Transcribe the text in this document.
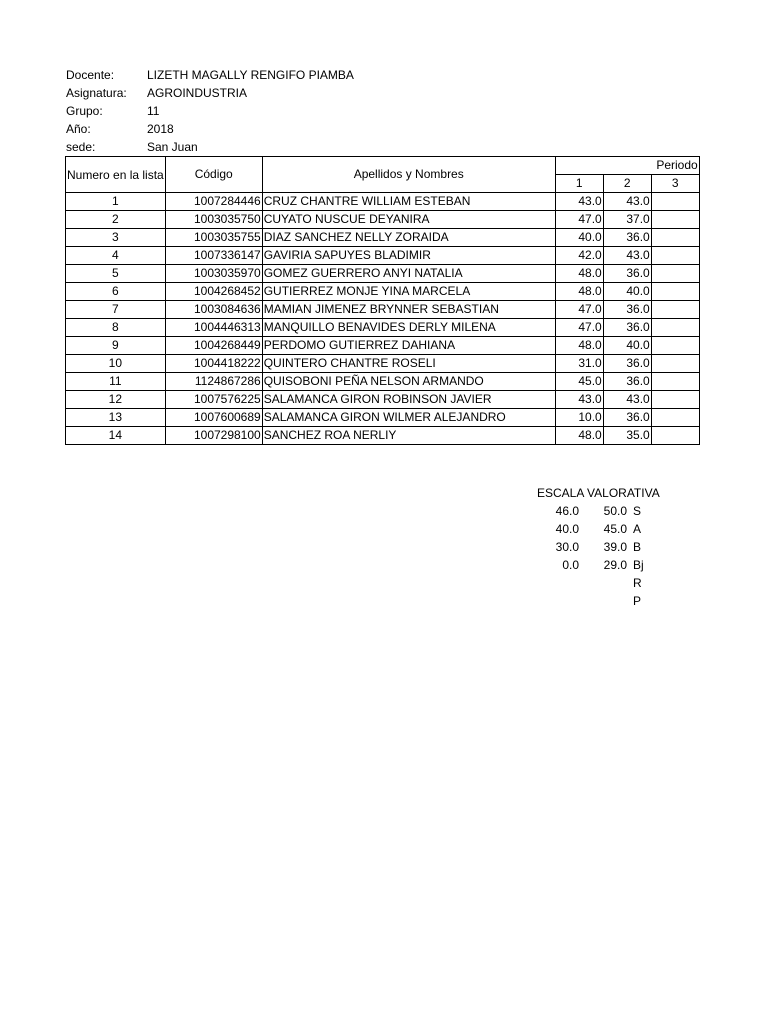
Docente:	LIZETH MAGALLY RENGIFO PIAMBA
Asignatura: AGROINDUSTRIA
Grupo:	11
Año:	2018
sede:	San Juan
Numero en la lista	Código	Apellidos y Nombres	Periodo		
			1	2	3
1	1007284446	CRUZ CHANTRE WILLIAM ESTEBAN	43.0	43.0	
2	1003035750	CUYATO NUSCUE DEYANIRA	47.0	37.0	
3	1003035755	DIAZ SANCHEZ NELLY ZORAIDA	40.0	36.0	
4	1007336147	GAVIRIA SAPUYES BLADIMIR	42.0	43.0	
5	1003035970	GOMEZ GUERRERO ANYI NATALIA	48.0	36.0	
6	1004268452	GUTIERREZ MONJE YINA MARCELA	48.0	40.0	
7	1003084636	MAMIAN JIMENEZ BRYNNER SEBASTIAN	47.0	36.0	
8	1004446313	MANQUILLO BENAVIDES DERLY MILENA	47.0	36.0	
9	1004268449	PERDOMO GUTIERREZ DAHIANA	48.0	40.0	
10	1004418222	QUINTERO CHANTRE ROSELI	31.0	36.0	
11	1124867286	QUISOBONI PEÑA NELSON ARMANDO	45.0	36.0	
12	1007576225	SALAMANCA GIRON ROBINSON JAVIER	43.0	43.0	
13	1007600689	SALAMANCA GIRON WILMER ALEJANDRO	10.0	36.0	
14	1007298100	SANCHEZ ROA NERLIY	48.0	35.0	
ESCALA VALORATIVA
46.0 50.0 S
40.0 45.0 A
30.0 39.0 B
0.0 29.0 Bj
R
P
